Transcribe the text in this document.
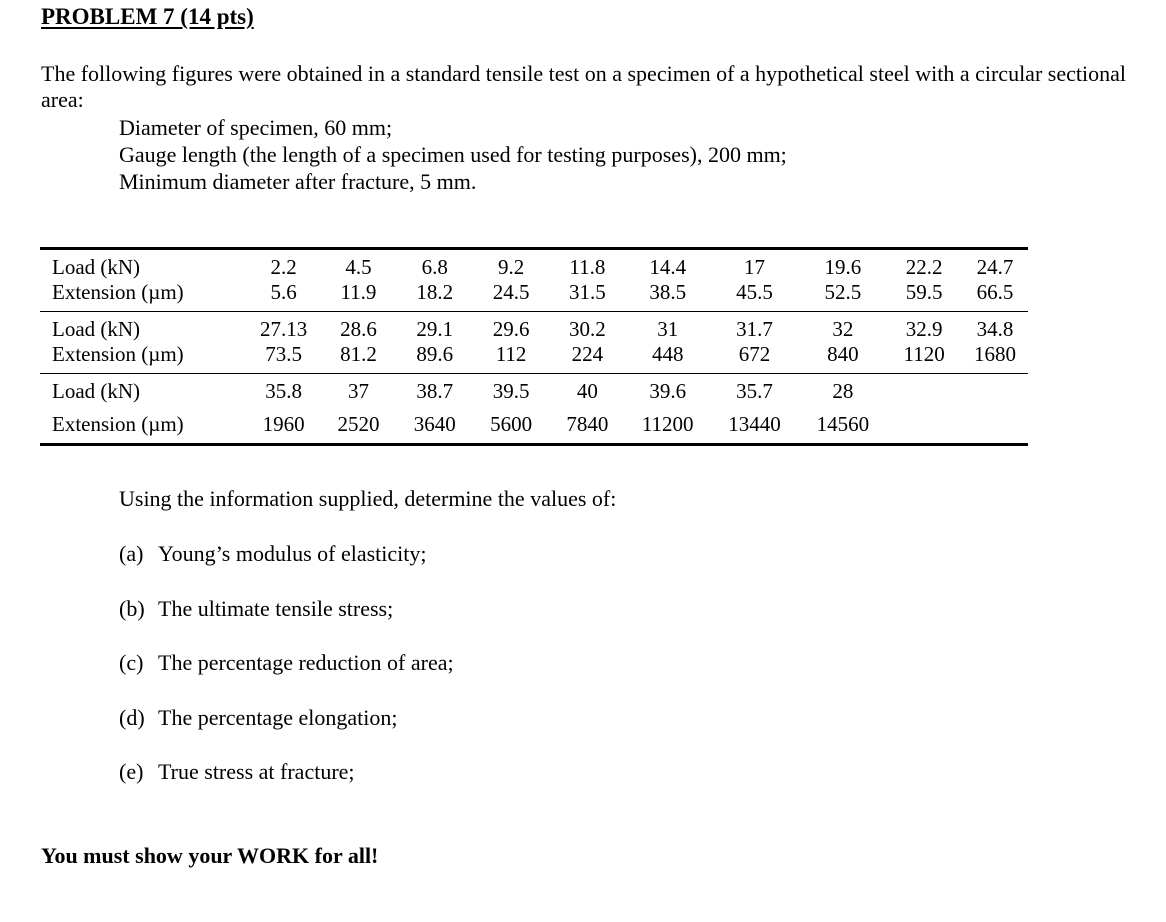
PROBLEM 7 (14 pts)
The following figures were obtained in a standard tensile test on a specimen of a hypothetical steel with a circular sectional area:
Diameter of specimen, 60 mm;
Gauge length (the length of a specimen used for testing purposes), 200 mm;
Minimum diameter after fracture, 5 mm.
Load (kN)	2.2	4.5	6.8	9.2	11.8	14.4	17	19.6	22.2	24.7
Extension (µm)	5.6	11.9	18.2	24.5	31.5	38.5	45.5	52.5	59.5	66.5
Load (kN)	27.13	28.6	29.1	29.6	30.2	31	31.7	32	32.9	34.8
Extension (µm)	73.5	81.2	89.6	112	224	448	672	840	1120	1680
Load (kN)	35.8	37	38.7	39.5	40	39.6	35.7	28		
Extension (µm)	1960	2520	3640	5600	7840	11200	13440	14560		
Using the information supplied, determine the values of:
(a) Young’s modulus of elasticity;
(b) The ultimate tensile stress;
(c) The percentage reduction of area;
(d) The percentage elongation;
(e) True stress at fracture;
You must show your WORK for all!
